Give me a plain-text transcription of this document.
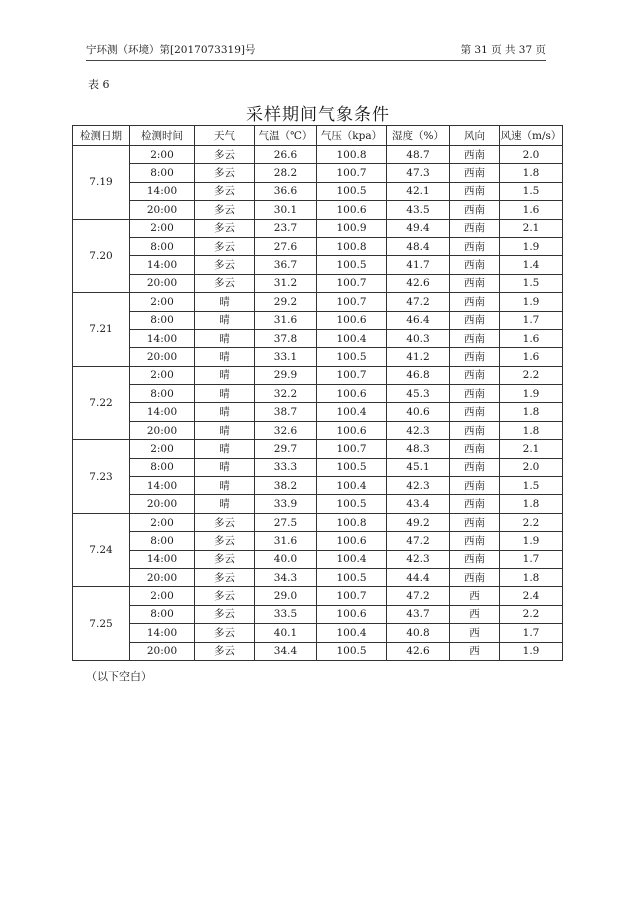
宁环测（环境）第[2017073319]号	第 31 页 共 37 页
表 6
采样期间气象条件
检测日期	检测时间	天气	气温（℃）	气压（kpa）	湿度（%）	风向	风速（m/s）
7.19	2:00	多云	26.6	100.8	48.7	西南	2.0
	8:00	多云	28.2	100.7	47.3	西南	1.8
	14:00	多云	36.6	100.5	42.1	西南	1.5
	20:00	多云	30.1	100.6	43.5	西南	1.6
7.20	2:00	多云	23.7	100.9	49.4	西南	2.1
	8:00	多云	27.6	100.8	48.4	西南	1.9
	14:00	多云	36.7	100.5	41.7	西南	1.4
	20:00	多云	31.2	100.7	42.6	西南	1.5
7.21	2:00	晴	29.2	100.7	47.2	西南	1.9
	8:00	晴	31.6	100.6	46.4	西南	1.7
	14:00	晴	37.8	100.4	40.3	西南	1.6
	20:00	晴	33.1	100.5	41.2	西南	1.6
7.22	2:00	晴	29.9	100.7	46.8	西南	2.2
	8:00	晴	32.2	100.6	45.3	西南	1.9
	14:00	晴	38.7	100.4	40.6	西南	1.8
	20:00	晴	32.6	100.6	42.3	西南	1.8
7.23	2:00	晴	29.7	100.7	48.3	西南	2.1
	8:00	晴	33.3	100.5	45.1	西南	2.0
	14:00	晴	38.2	100.4	42.3	西南	1.5
	20:00	晴	33.9	100.5	43.4	西南	1.8
7.24	2:00	多云	27.5	100.8	49.2	西南	2.2
	8:00	多云	31.6	100.6	47.2	西南	1.9
	14:00	多云	40.0	100.4	42.3	西南	1.7
	20:00	多云	34.3	100.5	44.4	西南	1.8
7.25	2:00	多云	29.0	100.7	47.2	西	2.4
	8:00	多云	33.5	100.6	43.7	西	2.2
	14:00	多云	40.1	100.4	40.8	西	1.7
	20:00	多云	34.4	100.5	42.6	西	1.9
（以下空白）
